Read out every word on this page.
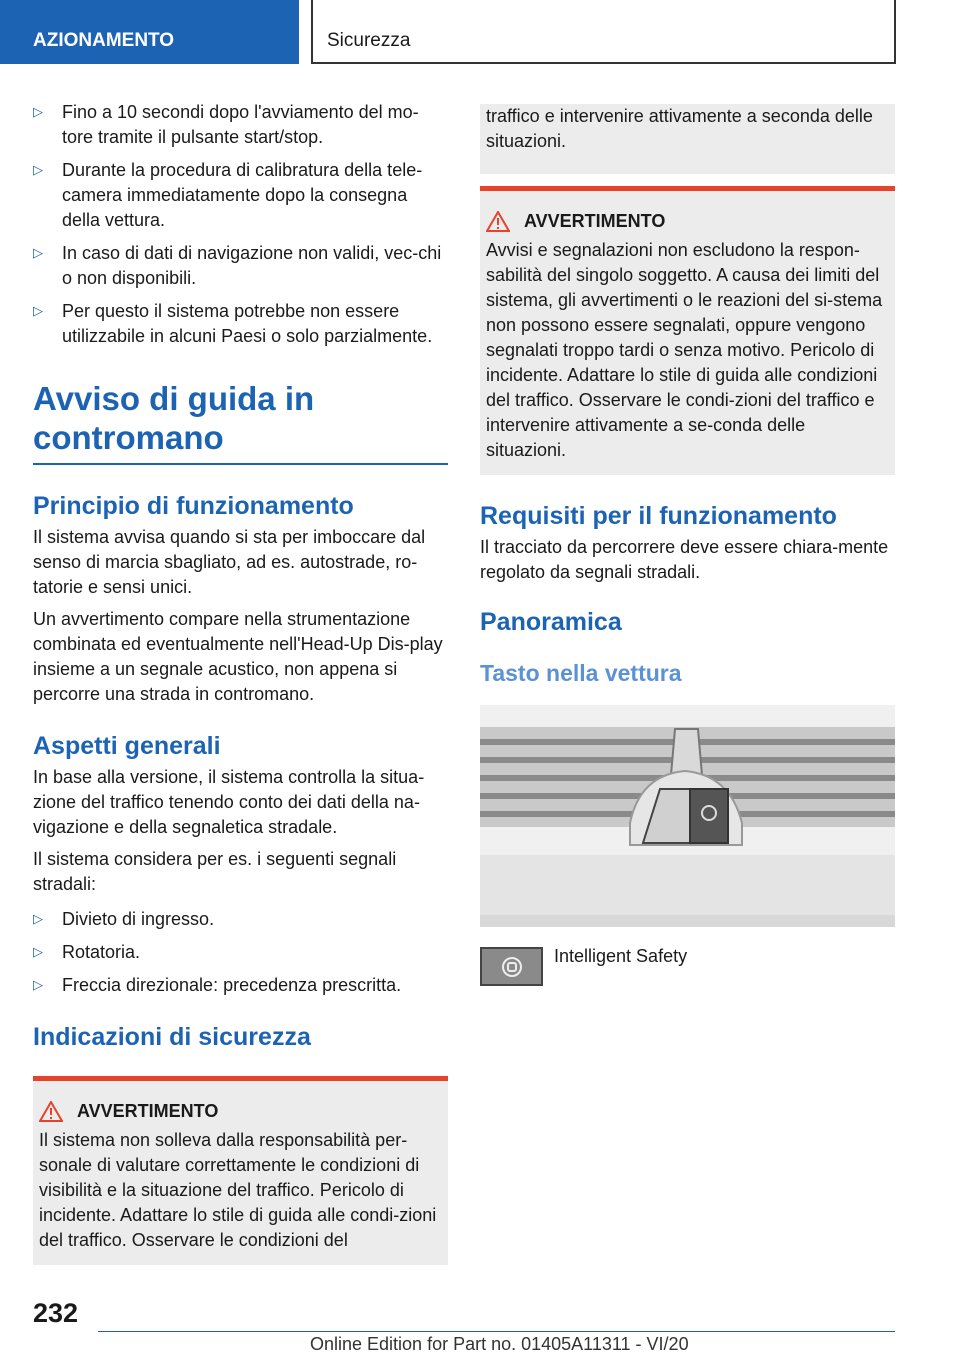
AZIONAMENTO	Sicurezza
▷ Fino a 10 secondi dopo l'avviamento del mo-tore tramite il pulsante start/stop.
▷ Durante la procedura di calibratura della tele-camera immediatamente dopo la consegna della vettura.
▷ In caso di dati di navigazione non validi, vec-chi o non disponibili.
▷ Per questo il sistema potrebbe non essere utilizzabile in alcuni Paesi o solo parzialmente.
Avviso di guida in contromano
Principio di funzionamento

Il sistema avvisa quando si sta per imboccare dal senso di marcia sbagliato, ad es. autostrade, ro-tatorie e sensi unici.

Un avvertimento compare nella strumentazione combinata ed eventualmente nell'Head-Up Dis-play insieme a un segnale acustico, non appena si percorre una strada in contromano.

Aspetti generali

In base alla versione, il sistema controlla la situa-zione del traffico tenendo conto dei dati della na-vigazione e della segnaletica stradale.

Il sistema considera per es. i seguenti segnali stradali:

▷ Divieto di ingresso.
▷ Rotatoria.
▷ Freccia direzionale: precedenza prescritta.
Indicazioni di sicurezza
AVVERTIMENTO

Il sistema non solleva dalla responsabilità per-sonale di valutare correttamente le condizioni di visibilità e la situazione del traffico. Pericolo di incidente. Adattare lo stile di guida alle condi-zioni del traffico. Osservare le condizioni del

traffico e intervenire attivamente a seconda delle situazioni.

AVVERTIMENTO

Avvisi e segnalazioni non escludono la respon-sabilità del singolo soggetto. A causa dei limiti del sistema, gli avvertimenti o le reazioni del si-stema non possono essere segnalati, oppure vengono segnalati troppo tardi o senza motivo. Pericolo di incidente. Adattare lo stile di guida alle condizioni del traffico. Osservare le condi-zioni del traffico e intervenire attivamente a se-conda delle situazioni.

Requisiti per il funzionamento

Il tracciato da percorrere deve essere chiara-mente regolato da segnali stradali.

Panoramica
Tasto nella vettura
Intelligent Safety
232
Online Edition for Part no. 01405A11311 - VI/20
